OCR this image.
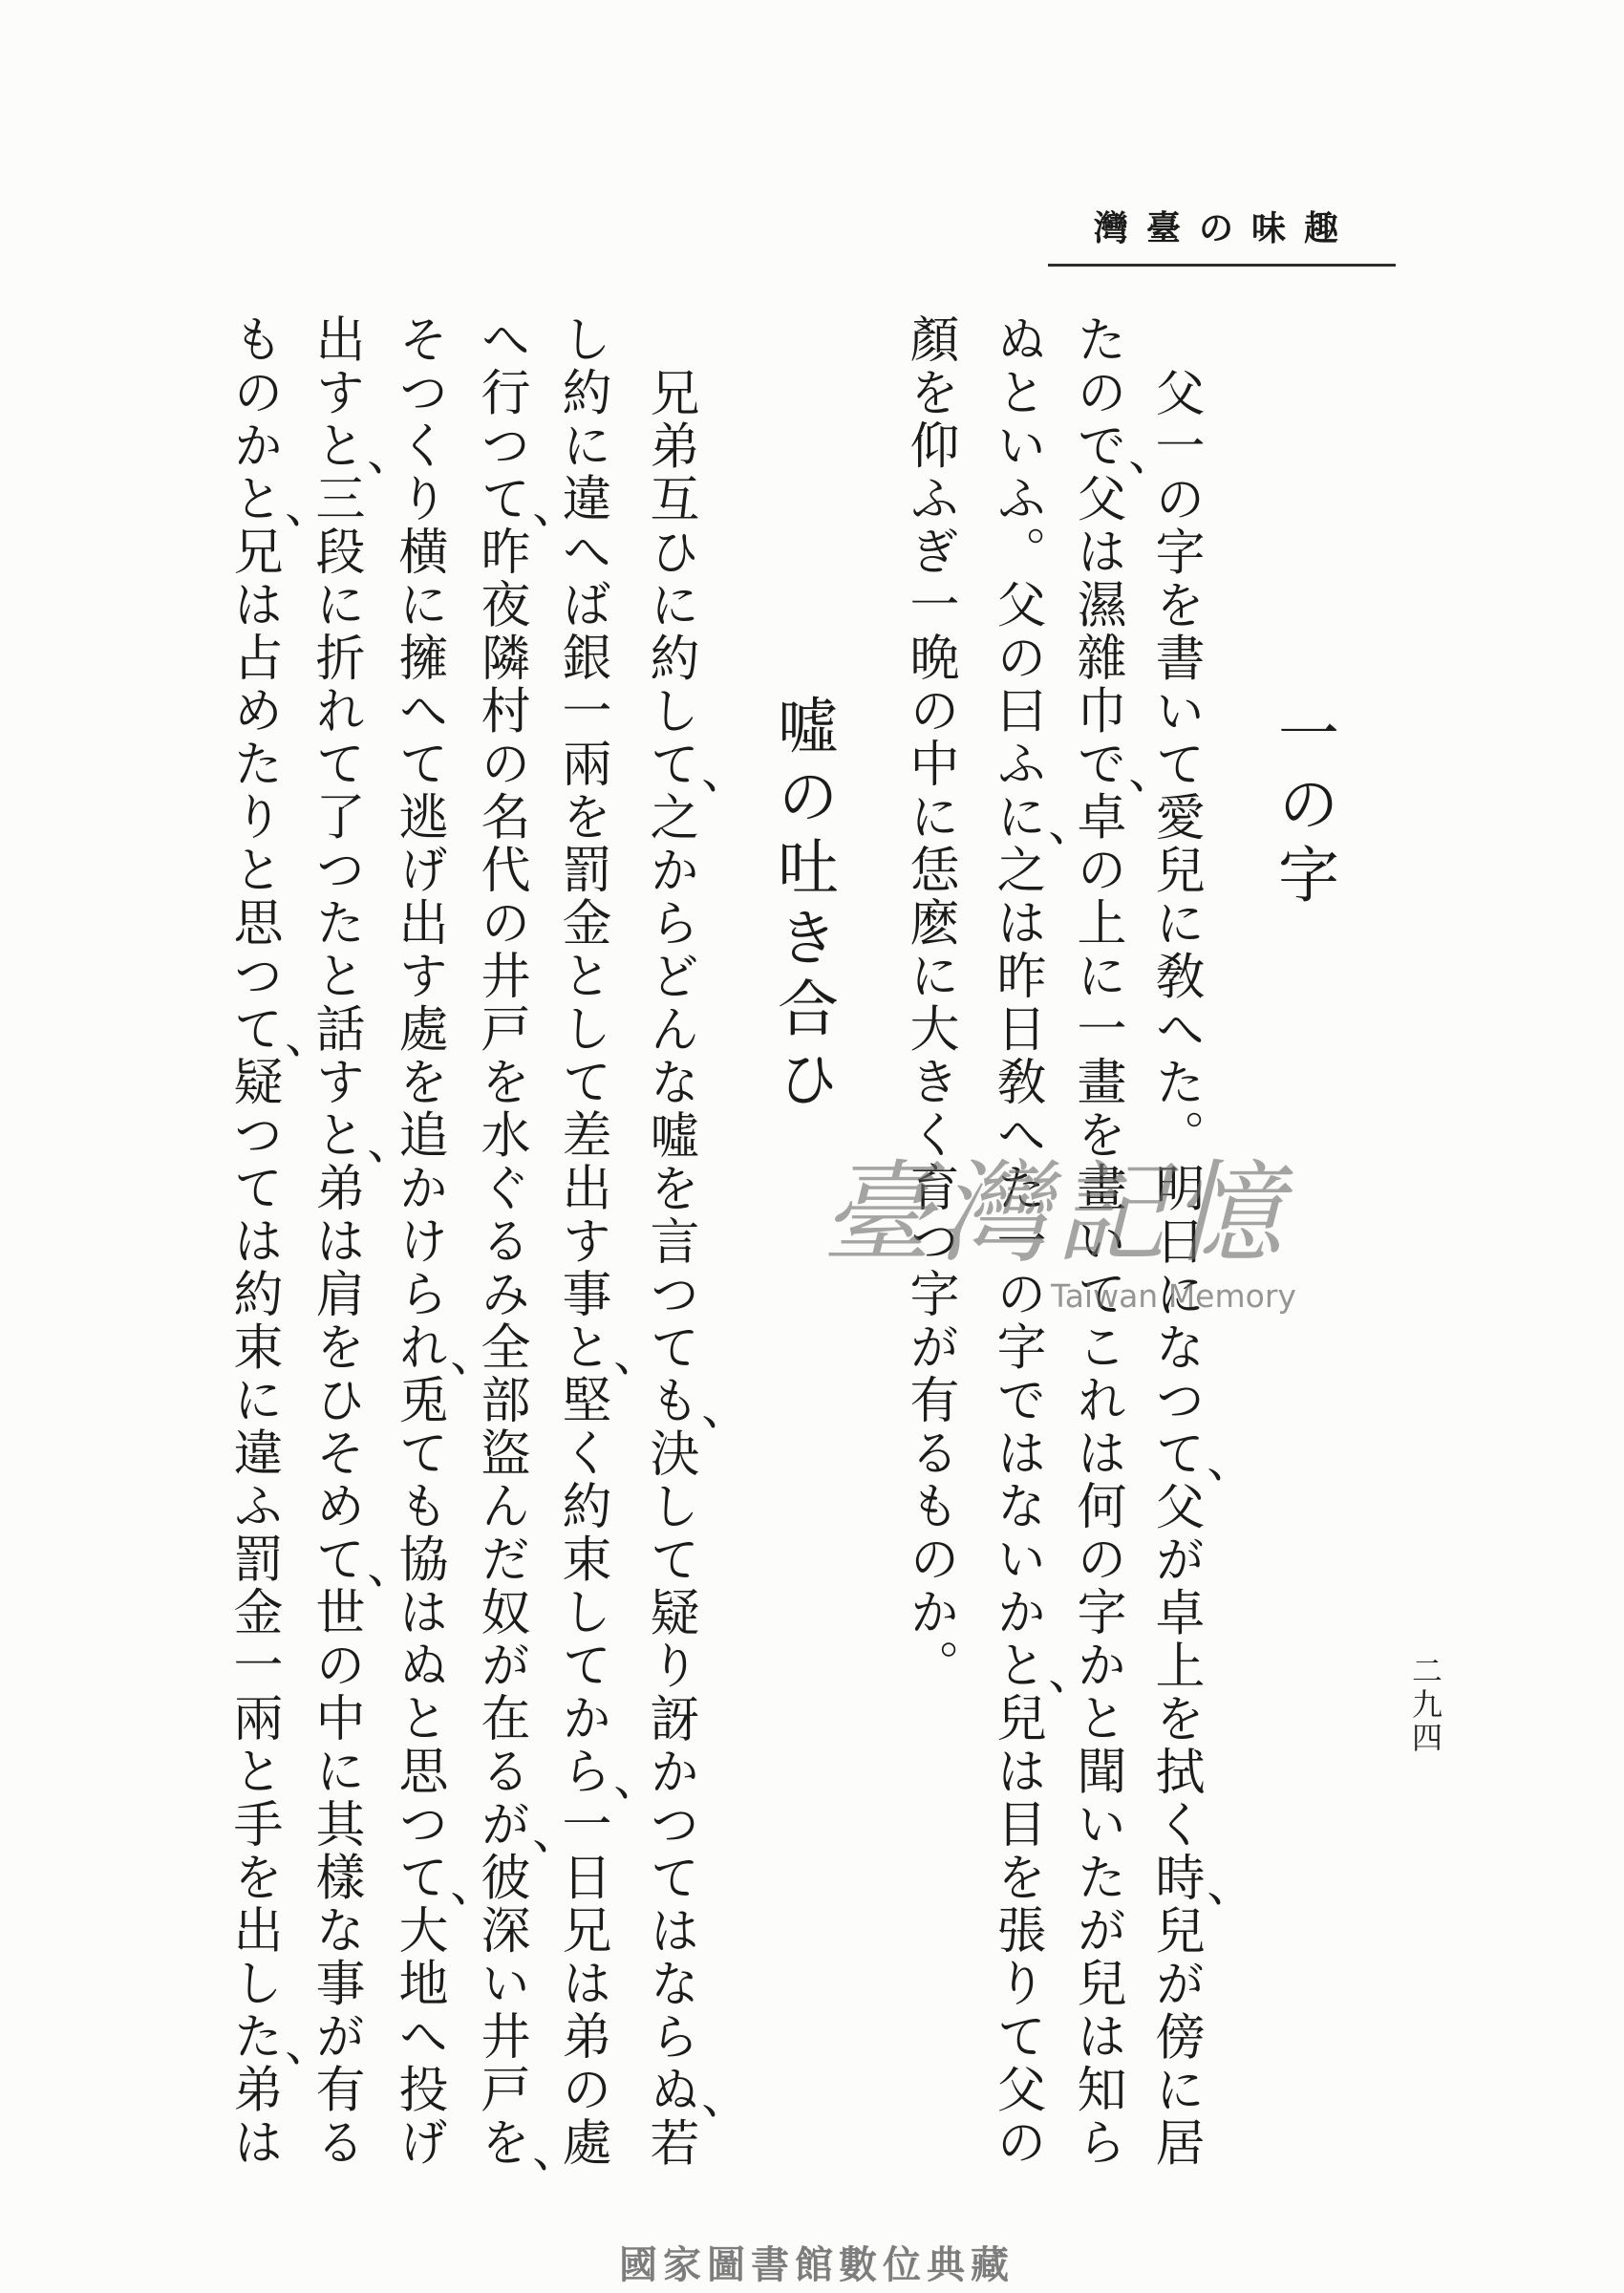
趣味の臺灣
一の字
父一の字を書いて愛兒に敎へた。明日になつて父が卓上を拭く時兒が傍に居
たので父は濕雜巾で卓の上に一畫を畫いてこれは何の字かと聞いたが兒は知ら
ぬといふ。父の曰ふに之は昨日敎へた一の字ではないかと兒は目を張りて父の
顏を仰ふぎ一晩の中に恁麽に大きく育つ字が有るものか。
噓の吐き合ひ
兄弟互ひに約して之からどんな噓を言つても決して疑り訝かつてはならぬ若
し約に違へば銀一兩を罰金として差出す事と堅く約束してから一日兄は弟の處
へ行つて昨夜隣村の名代の井戸を水ぐるみ全部盜んだ奴が在るが彼深い井戸を
そつくり横に擁へて逃げ出す處を追かけられ兎ても協はぬと思つて大地へ投げ
出すと三段に折れて了つたと話すと弟は肩をひそめて世の中に其樣な事が有る
ものかと兄は占めたりと思つて疑つては約束に違ふ罰金一兩と手を出した弟は
二九四
臺灣記憶
Taiwan Memory
國家圖書館數位典藏
